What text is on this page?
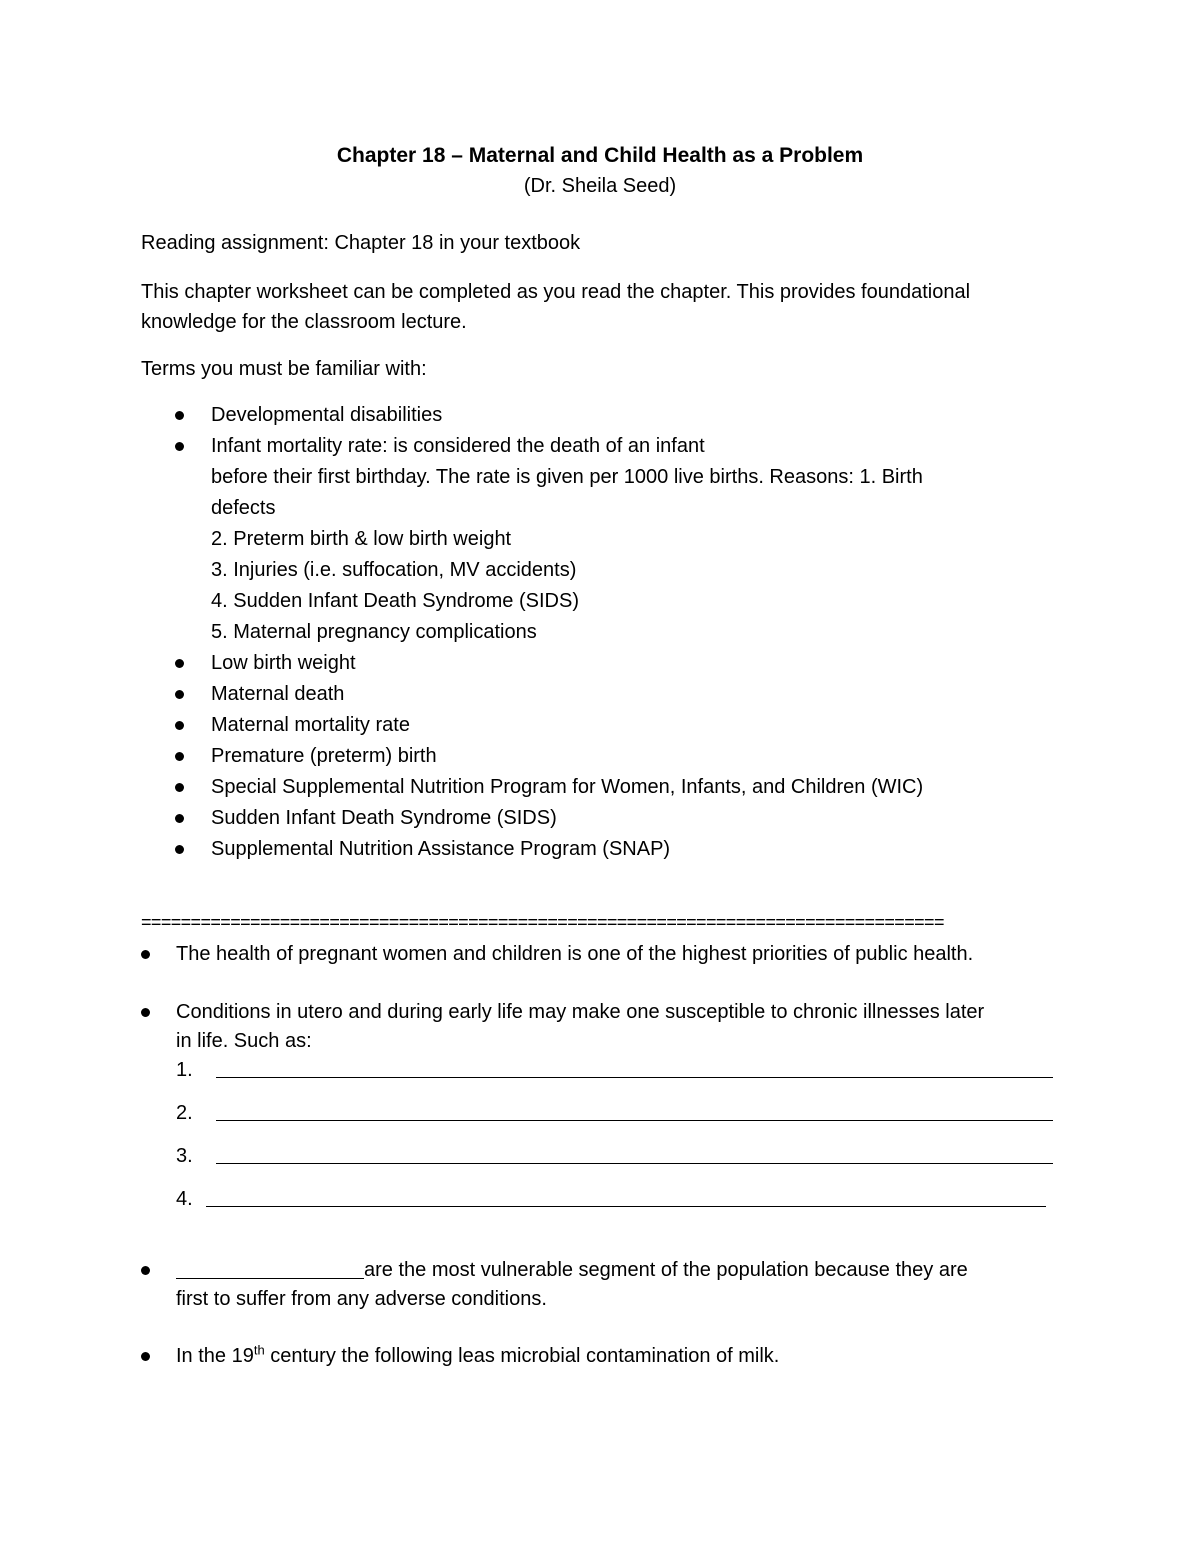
Chapter 18 – Maternal and Child Health as a Problem
(Dr. Sheila Seed)
Reading assignment: Chapter 18 in your textbook
This chapter worksheet can be completed as you read the chapter. This provides foundational
knowledge for the classroom lecture.
Terms you must be familiar with:
Developmental disabilities
Infant mortality rate: is considered the death of an infant
before their first birthday. The rate is given per 1000 live births. Reasons: 1. Birth
defects
2. Preterm birth & low birth weight
3. Injuries (i.e. suffocation, MV accidents)
4. Sudden Infant Death Syndrome (SIDS)
5. Maternal pregnancy complications
Low birth weight
Maternal death
Maternal mortality rate
Premature (preterm) birth
Special Supplemental Nutrition Program for Women, Infants, and Children (WIC)
Sudden Infant Death Syndrome (SIDS)
Supplemental Nutrition Assistance Program (SNAP)
=================================================================================
The health of pregnant women and children is one of the highest priorities of public health.
Conditions in utero and during early life may make one susceptible to chronic illnesses later
in life. Such as:
1.
2.
3.
4.
are the most vulnerable segment of the population because they are
first to suffer from any adverse conditions.
In the 19th century the following leas microbial contamination of milk.
